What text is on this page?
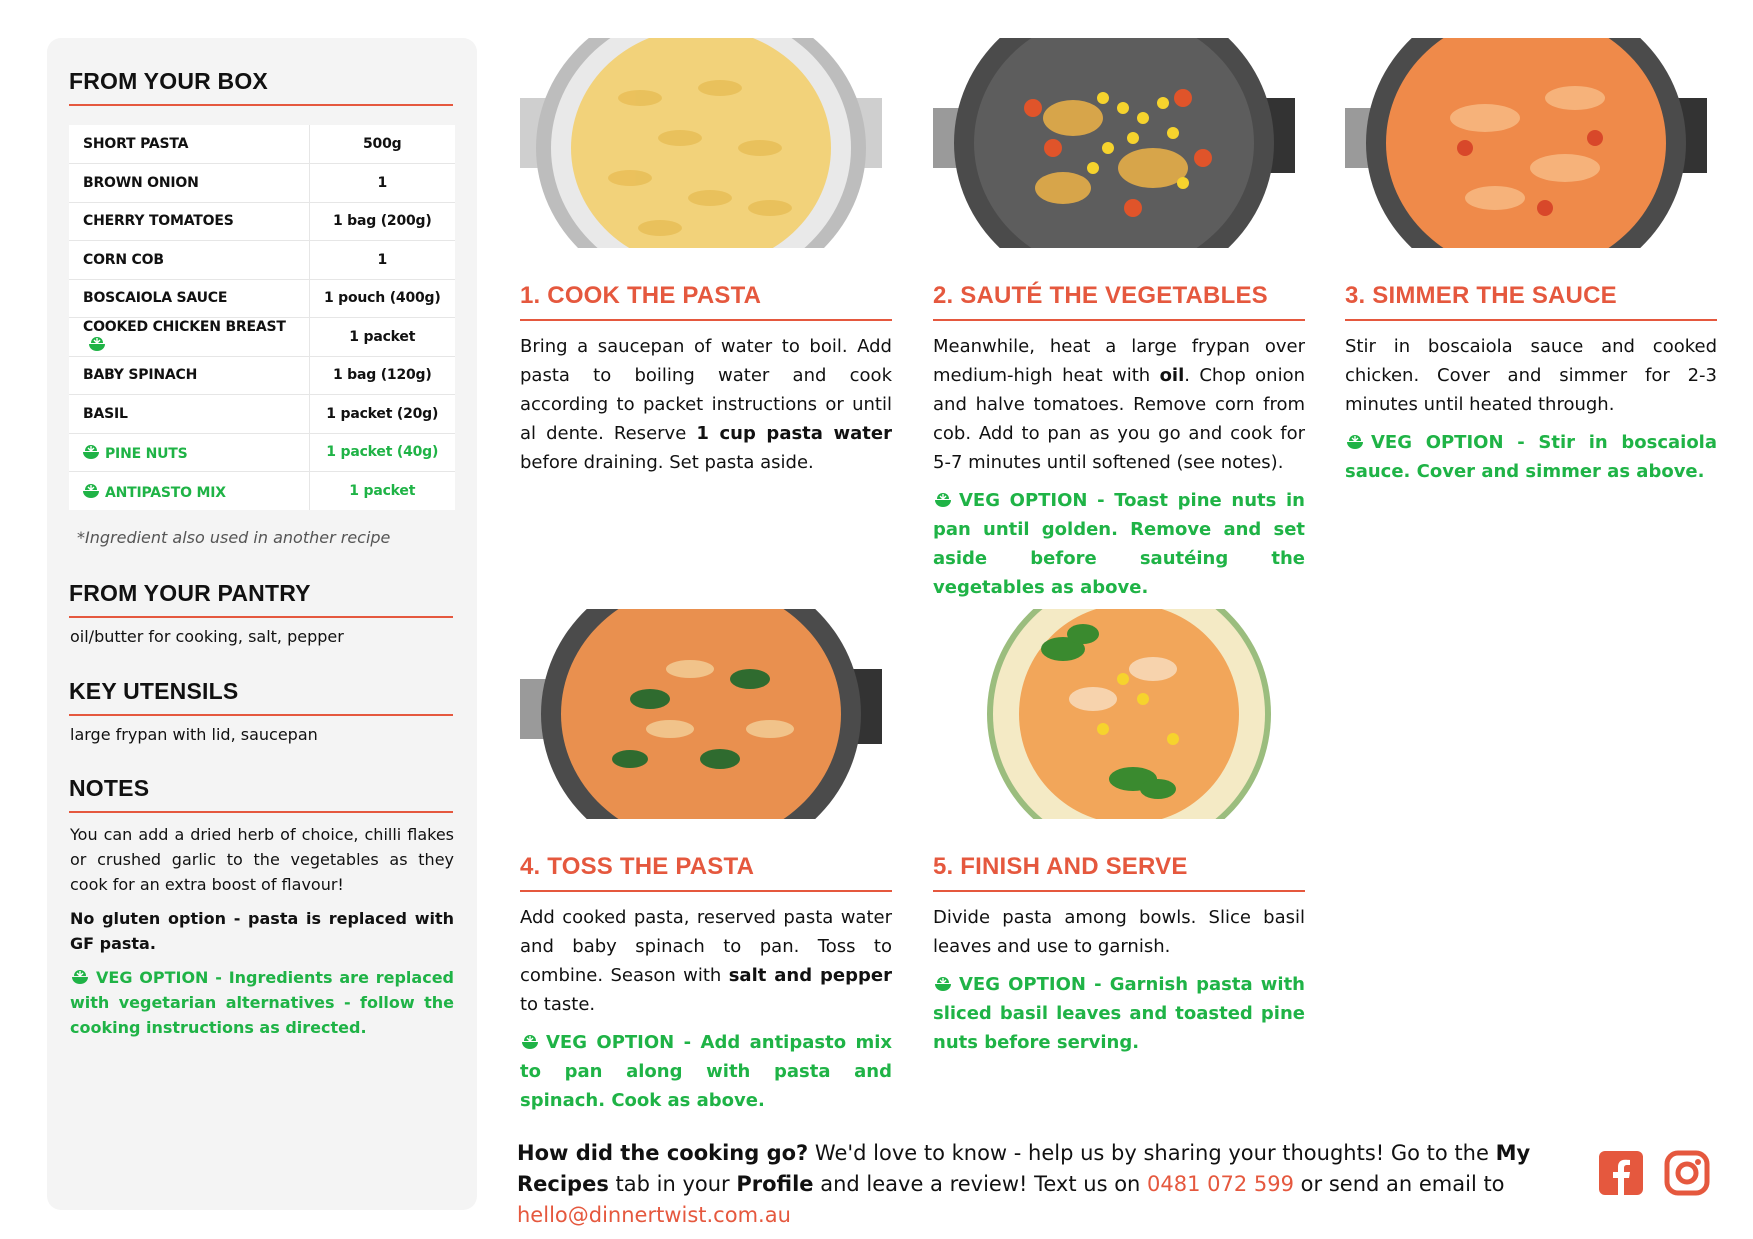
FROM YOUR BOX
SHORT PASTA	500g
BROWN ONION	1
CHERRY TOMATOES	1 bag (200g)
CORN COB	1
BOSCAIOLA SAUCE	1 pouch (400g)
COOKED CHICKEN BREAST	1 packet
BABY SPINACH	1 bag (120g)
BASIL	1 packet (20g)

PINE NUTS	1 packet (40g)

ANTIPASTO MIX	1 packet
*Ingredient also used in another recipe
FROM YOUR PANTRY
oil/butter for cooking, salt, pepper
KEY UTENSILS
large frypan with lid, saucepan
NOTES

You can add a dried herb of choice, chilli flakes or crushed garlic to the vegetables as they cook for an extra boost of flavour!

No gluten option - pasta is replaced with GF pasta.

VEG OPTION - Ingredients are replaced with vegetarian alternatives - follow the cooking instructions as directed.

1. COOK THE PASTA

Bring a saucepan of water to boil. Add pasta to boiling water and cook according to packet instructions or until al dente. Reserve 1 cup pasta water before draining. Set pasta aside.

2. SAUTÉ THE VEGETABLES

Meanwhile, heat a large frypan over medium-high heat with oil. Chop onion and halve tomatoes. Remove corn from cob. Add to pan as you go and cook for 5-7 minutes until softened (see notes).

VEG OPTION - Toast pine nuts in pan until golden. Remove and set aside before sautéing the vegetables as above.

3. SIMMER THE SAUCE

Stir in boscaiola sauce and cooked chicken. Cover and simmer for 2-3 minutes until heated through.

VEG OPTION - Stir in boscaiola sauce. Cover and simmer as above.

4. TOSS THE PASTA

Add cooked pasta, reserved pasta water and baby spinach to pan. Toss to combine. Season with salt and pepper to taste.

VEG OPTION - Add antipasto mix to pan along with pasta and spinach. Cook as above.

5. FINISH AND SERVE

Divide pasta among bowls. Slice basil leaves and use to garnish.

VEG OPTION - Garnish pasta with sliced basil leaves and toasted pine nuts before serving.

How did the cooking go? We'd love to know - help us by sharing your thoughts! Go to the My Recipes tab in your Profile and leave a review! Text us on 0481 072 599 or send an email to hello@dinnertwist.com.au
